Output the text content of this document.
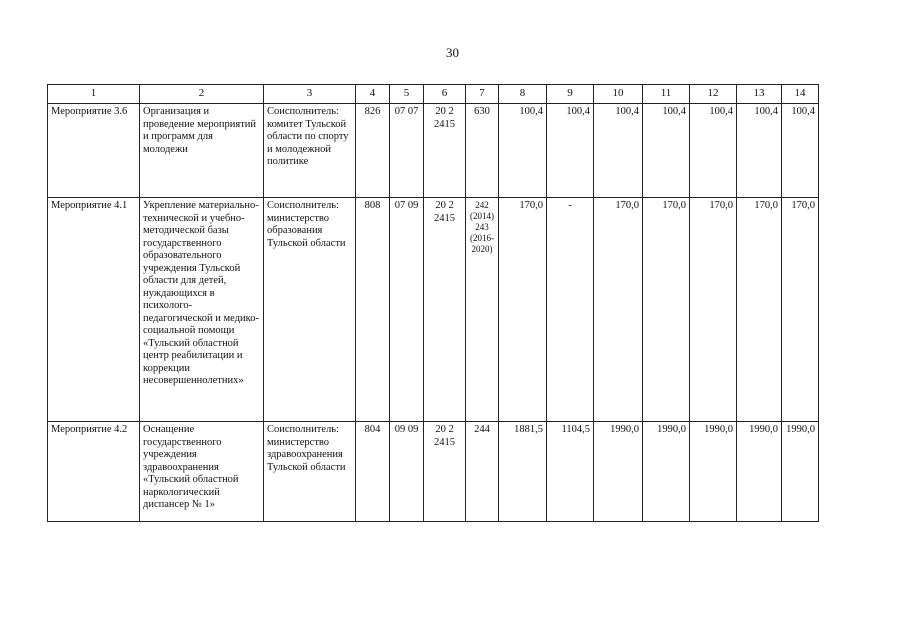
30
1	2	3	4	5	6	7	8	9	10	11	12	13	14
Мероприятие 3.6	Организация и проведение мероприятий и программ для молодежи	Соисполнитель: комитет Тульской области по спорту и молодежной политике	826	07 07	20 2 2415	630	100,4	100,4	100,4	100,4	100,4	100,4	100,4
Мероприятие 4.1	Укрепление материально-технической и учебно-методической базы государственного образовательного учреждения Тульской области для детей, нуждающихся в психолого-педагогической и медико-социальной помощи «Тульский областной центр реабилитации и коррекции несовершеннолетних»	Соисполнитель: министерство образования Тульской области	808	07 09	20 2 2415	242 (2014) 243 (2016-2020)	170,0	-	170,0	170,0	170,0	170,0	170,0
Мероприятие 4.2	Оснащение государственного учреждения здравоохранения «Тульский областной наркологический диспансер № 1»	Соисполнитель: министерство здравоохранения Тульской области	804	09 09	20 2 2415	244	1881,5	1104,5	1990,0	1990,0	1990,0	1990,0	1990,0
